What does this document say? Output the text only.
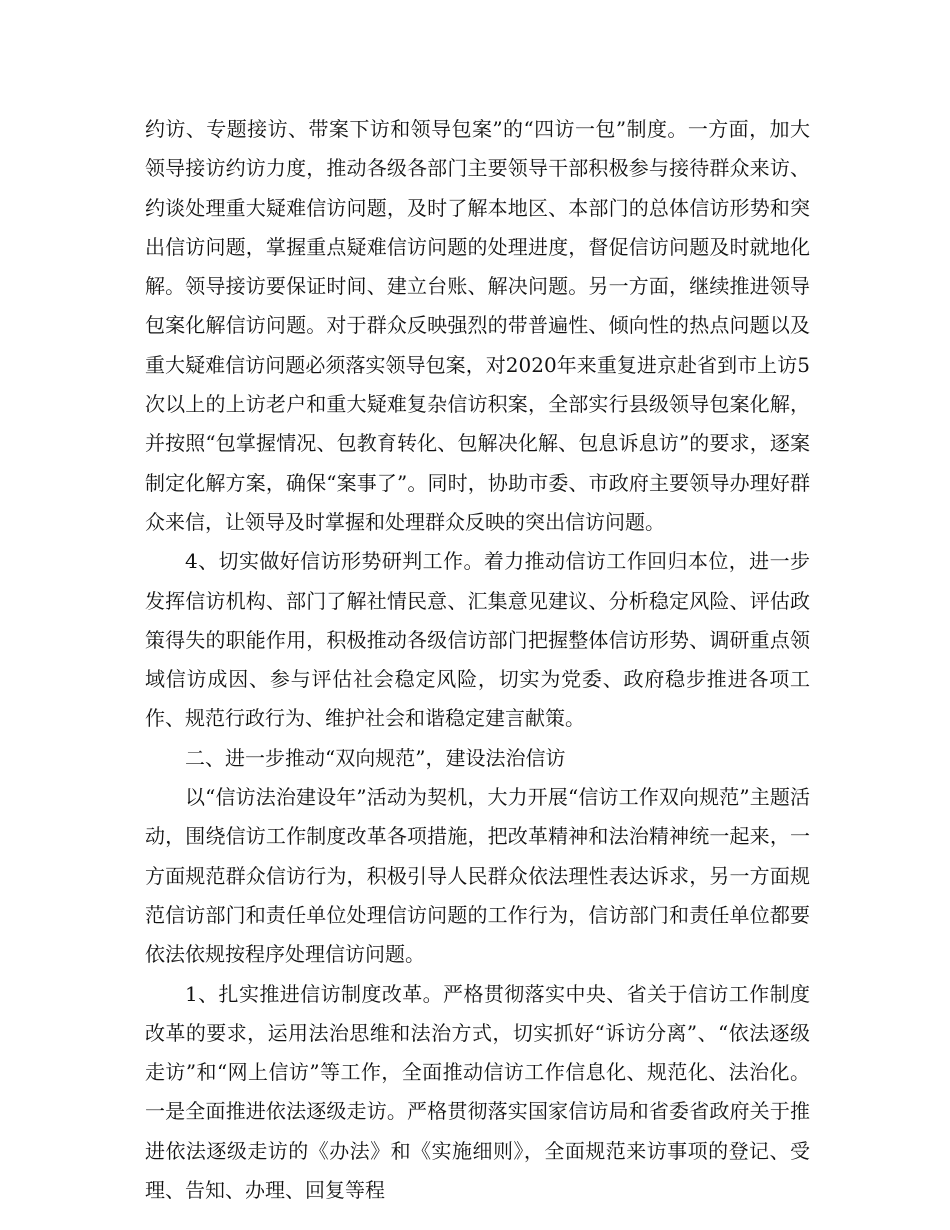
约访、专题接访、带案下访和领导包案”的“四访一包”制度。一方面，加大领导接访约访力度，推动各级各部门主要领导干部积极参与接待群众来访、约谈处理重大疑难信访问题，及时了解本地区、本部门的总体信访形势和突出信访问题，掌握重点疑难信访问题的处理进度，督促信访问题及时就地化解。领导接访要保证时间、建立台账、解决问题。另一方面，继续推进领导包案化解信访问题。对于群众反映强烈的带普遍性、倾向性的热点问题以及重大疑难信访问题必须落实领导包案，对2020年来重复进京赴省到市上访5次以上的上访老户和重大疑难复杂信访积案，全部实行县级领导包案化解，并按照“包掌握情况、包教育转化、包解决化解、包息诉息访”的要求，逐案制定化解方案，确保“案事了”。同时，协助市委、市政府主要领导办理好群众来信，让领导及时掌握和处理群众反映的突出信访问题。

4、切实做好信访形势研判工作。着力推动信访工作回归本位，进一步发挥信访机构、部门了解社情民意、汇集意见建议、分析稳定风险、评估政策得失的职能作用，积极推动各级信访部门把握整体信访形势、调研重点领域信访成因、参与评估社会稳定风险，切实为党委、政府稳步推进各项工作、规范行政行为、维护社会和谐稳定建言献策。

二、进一步推动“双向规范”，建设法治信访

以“信访法治建设年”活动为契机，大力开展“信访工作双向规范”主题活动，围绕信访工作制度改革各项措施，把改革精神和法治精神统一起来，一方面规范群众信访行为，积极引导人民群众依法理性表达诉求，另一方面规范信访部门和责任单位处理信访问题的工作行为，信访部门和责任单位都要依法依规按程序处理信访问题。

1、扎实推进信访制度改革。严格贯彻落实中央、省关于信访工作制度改革的要求，运用法治思维和法治方式，切实抓好“诉访分离”、“依法逐级走访”和“网上信访”等工作，全面推动信访工作信息化、规范化、法治化。一是全面推进依法逐级走访。严格贯彻落实国家信访局和省委省政府关于推进依法逐级走访的《办法》和《实施细则》，全面规范来访事项的登记、受理、告知、办理、回复等程
